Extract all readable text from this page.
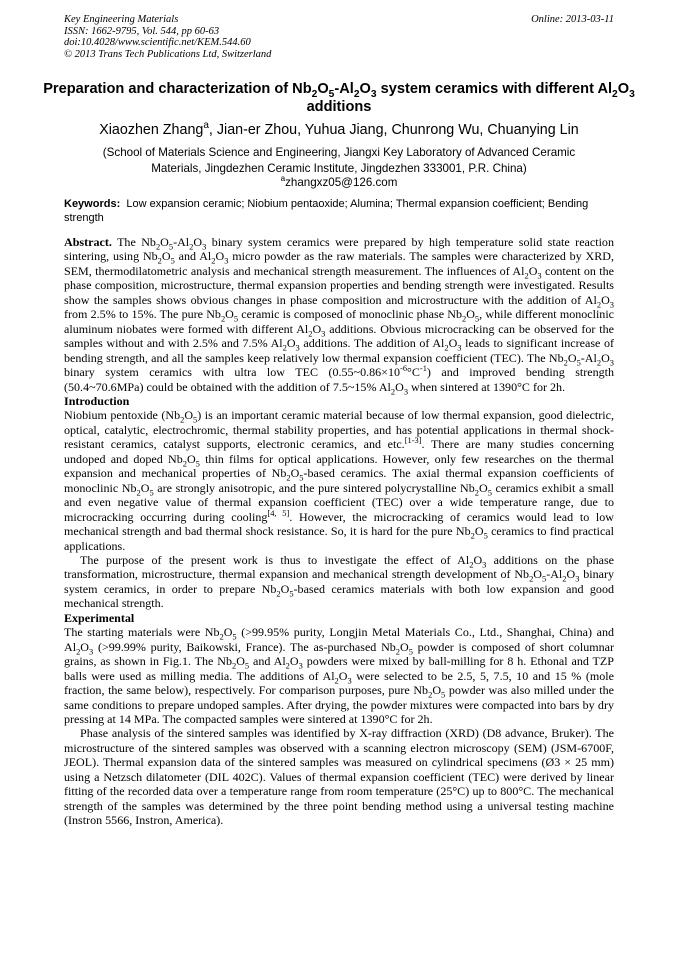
Key Engineering Materials
ISSN: 1662-9795, Vol. 544, pp 60-63
doi:10.4028/www.scientific.net/KEM.544.60
© 2013 Trans Tech Publications Ltd, Switzerland
Online: 2013-03-11
Preparation and characterization of $Nb_2O_5-Al_2O_3$ system ceramics with different $Al_2O_3$ additions
Xiaozhen Zhang$^a$, Jian-er Zhou, Yuhua Jiang, Chunrong Wu, Chuanying Lin
(School of Materials Science and Engineering, Jiangxi Key Laboratory of Advanced Ceramic Materials, Jingdezhen Ceramic Institute, Jingdezhen 333001, P.R. China)
$^a$zhangxz05@126.com
Keywords: Low expansion ceramic; Niobium pentaoxide; Alumina; Thermal expansion coefficient; Bending strength

Abstract. The $Nb_2O_5-Al_2O_3$ binary system ceramics were prepared by high temperature solid state reaction sintering, using $Nb_2O_5$ and $Al_2O_3$ micro powder as the raw materials. The samples were characterized by XRD, SEM, thermodilatometric analysis and mechanical strength measurement. The influences of $Al_2O_3$ content on the phase composition, microstructure, thermal expansion properties and bending strength were investigated. Results show the samples shows obvious changes in phase composition and microstructure with the addition of $Al_2O_3$ from 2.5% to 15%. The pure $Nb_2O_5$ ceramic is composed of monoclinic phase $Nb_2O_5$, while different monoclinic aluminum niobates were formed with different $Al_2O_3$ additions. Obvious microcracking can be observed for the samples without and with 2.5% and 7.5% $Al_2O_3$ additions. The addition of $Al_2O_3$ leads to significant increase of bending strength, and all the samples keep relatively low thermal expansion coefficient (TEC). The $Nb_2O_5-Al_2O_3$ binary system ceramics with ultra low TEC $(0.55\sim 0.86\times 10^{-6}^\circ C^{-1})$ and improved bending strength (50.4~70.6MPa) could be obtained with the addition of 7.5~15% $Al_2O_3$ when sintered at 1390°C for 2h.

Introduction

Niobium pentoxide $(Nb_2O_5)$ is an important ceramic material because of low thermal expansion, good dielectric, optical, catalytic, electrochromic, thermal stability properties, and has potential applications in thermal shock-resistant ceramics, catalyst supports, electronic ceramics, and etc.[1-3]. There are many studies concerning undoped and doped $Nb_2O_5$ thin films for optical applications. However, only few researches on the thermal expansion and mechanical properties of $Nb_2O_5$-based ceramics. The axial thermal expansion coefficients of monoclinic $Nb_2O_5$ are strongly anisotropic, and the pure sintered polycrystalline $Nb_2O_5$ ceramics exhibit a small and even negative value of thermal expansion coefficient (TEC) over a wide temperature range, due to microcracking occurring during cooling[4, 5]. However, the microcracking of ceramics would lead to low mechanical strength and bad thermal shock resistance. So, it is hard for the pure $Nb_2O_5$ ceramics to find practical applications.

The purpose of the present work is thus to investigate the effect of $Al_2O_3$ additions on the phase transformation, microstructure, thermal expansion and mechanical strength development of $Nb_2O_5-Al_2O_3$ binary system ceramics, in order to prepare $Nb_2O_5$-based ceramics materials with both low expansion and good mechanical strength.

Experimental

The starting materials were $Nb_2O_5$ (>99.95% purity, Longjin Metal Materials Co., Ltd., Shanghai, China) and $Al_2O_3$ (>99.99% purity, Baikowski, France). The as-purchased $Nb_2O_5$ powder is composed of short columnar grains, as shown in Fig.1. The $Nb_2O_5$ and $Al_2O_3$ powders were mixed by ball-milling for 8 h. Ethonal and TZP balls were used as milling media. The additions of $Al_2O_3$ were selected to be 2.5, 5, 7.5, 10 and 15 % (mole fraction, the same below), respectively. For comparison purposes, pure $Nb_2O_5$ powder was also milled under the same conditions to prepare undoped samples. After drying, the powder mixtures were compacted into bars by dry pressing at 14 MPa. The compacted samples were sintered at 1390°C for 2h.

Phase analysis of the sintered samples was identified by X-ray diffraction (XRD) (D8 advance, Bruker). The microstructure of the sintered samples was observed with a scanning electron microscopy (SEM) (JSM-6700F, JEOL). Thermal expansion data of the sintered samples was measured on cylindrical specimens (Ø3 × 25 mm) using a Netzsch dilatometer (DIL 402C). Values of thermal expansion coefficient (TEC) were derived by linear fitting of the recorded data over a temperature range from room temperature (25°C) up to 800°C. The mechanical strength of the samples was determined by the three point bending method using a universal testing machine (Instron 5566, Instron, America).
